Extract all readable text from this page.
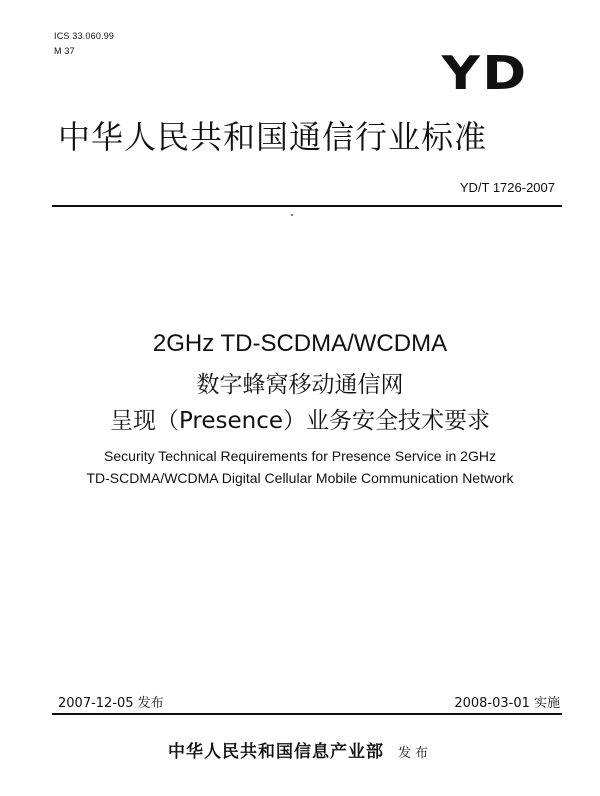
ICS 33.060.99
M 37	YD
中华人民共和国通信行业标准
YD/T 1726-2007
2GHz TD-SCDMA/WCDMA
数字蜂窝移动通信网
呈现（Presence）业务安全技术要求
Security Technical Requirements for Presence Service in 2GHz
TD-SCDMA/WCDMA Digital Cellular Mobile Communication Network
2007-12-05 发布	2008-03-01 实施
中华人民共和国信息产业部 发布
